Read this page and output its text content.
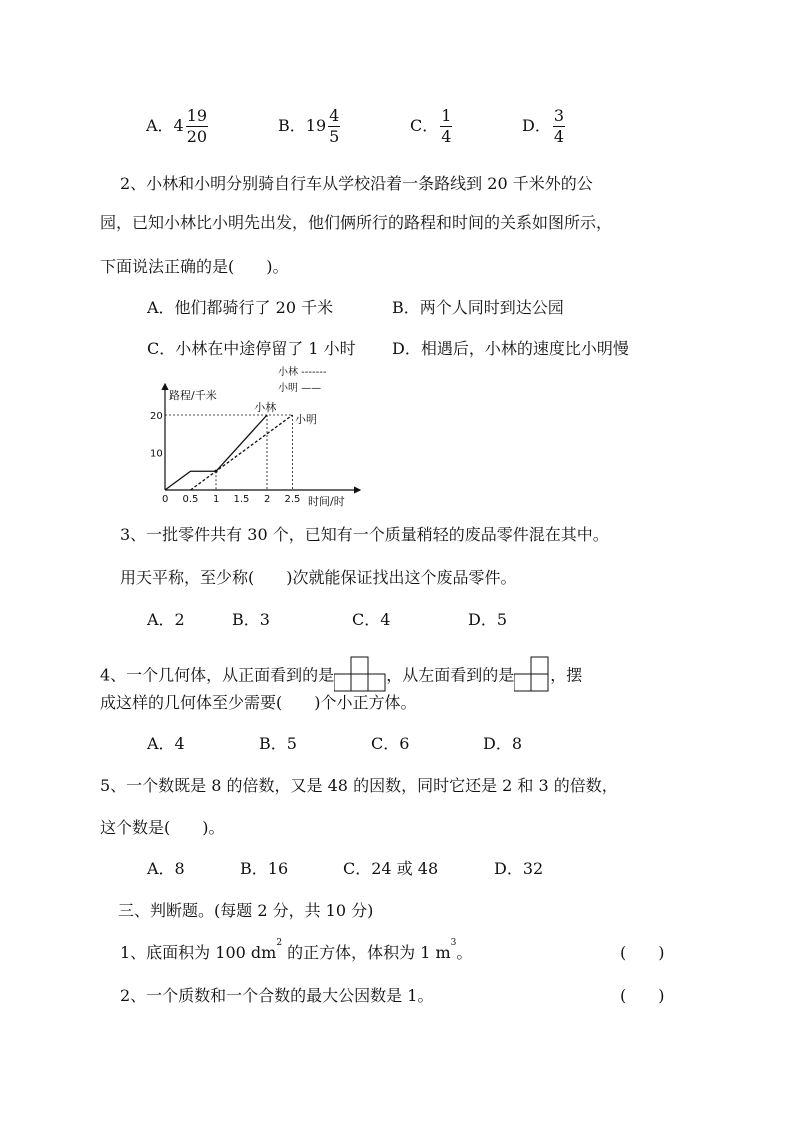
A．$4 \frac{19}{20}$	B．$19 \frac{4}{5}$	C． $\frac{1}{4}$	D． $\frac{3}{4}$
2、小林和小明分别骑自行车从学校沿着一条路线到 20 千米外的公
园，已知小林比小明先出发，他们俩所行的路程和时间的关系如图所示，
下面说法正确的是(　　)。
A．他们都骑行了 20 千米	B．两个人同时到达公园
C．小林在中途停留了 1 小时 D．相遇后，小林的速度比小明慢
路程/千米
时间/时
小林 -------
小明 ——
0 0.5 1 1.5 2 2.5
10
20
小林
小明
3、一批零件共有 30 个，已知有一个质量稍轻的废品零件混在其中。
用天平称，至少称(　　)次就能保证找出这个废品零件。
A．2	B．3	C．4	D．5
4、一个几何体，从正面看到的是	，从左面看到的是 ，摆
成这样的几何体至少需要(　　)个小正方体。
A．4	B．5	C．6	D．8
5、一个数既是 8 的倍数，又是 48 的因数，同时它还是 2 和 3 的倍数，
这个数是(　　)。
A．8	B．16	C．24 或 48	D．32
三、判断题。(每题 2 分，共 10 分)
1、底面积为 100 $dm^2$ 的正方体，体积为 1 $m^3$。	(　　)
2、一个质数和一个合数的最大公因数是 1。	(　　)
